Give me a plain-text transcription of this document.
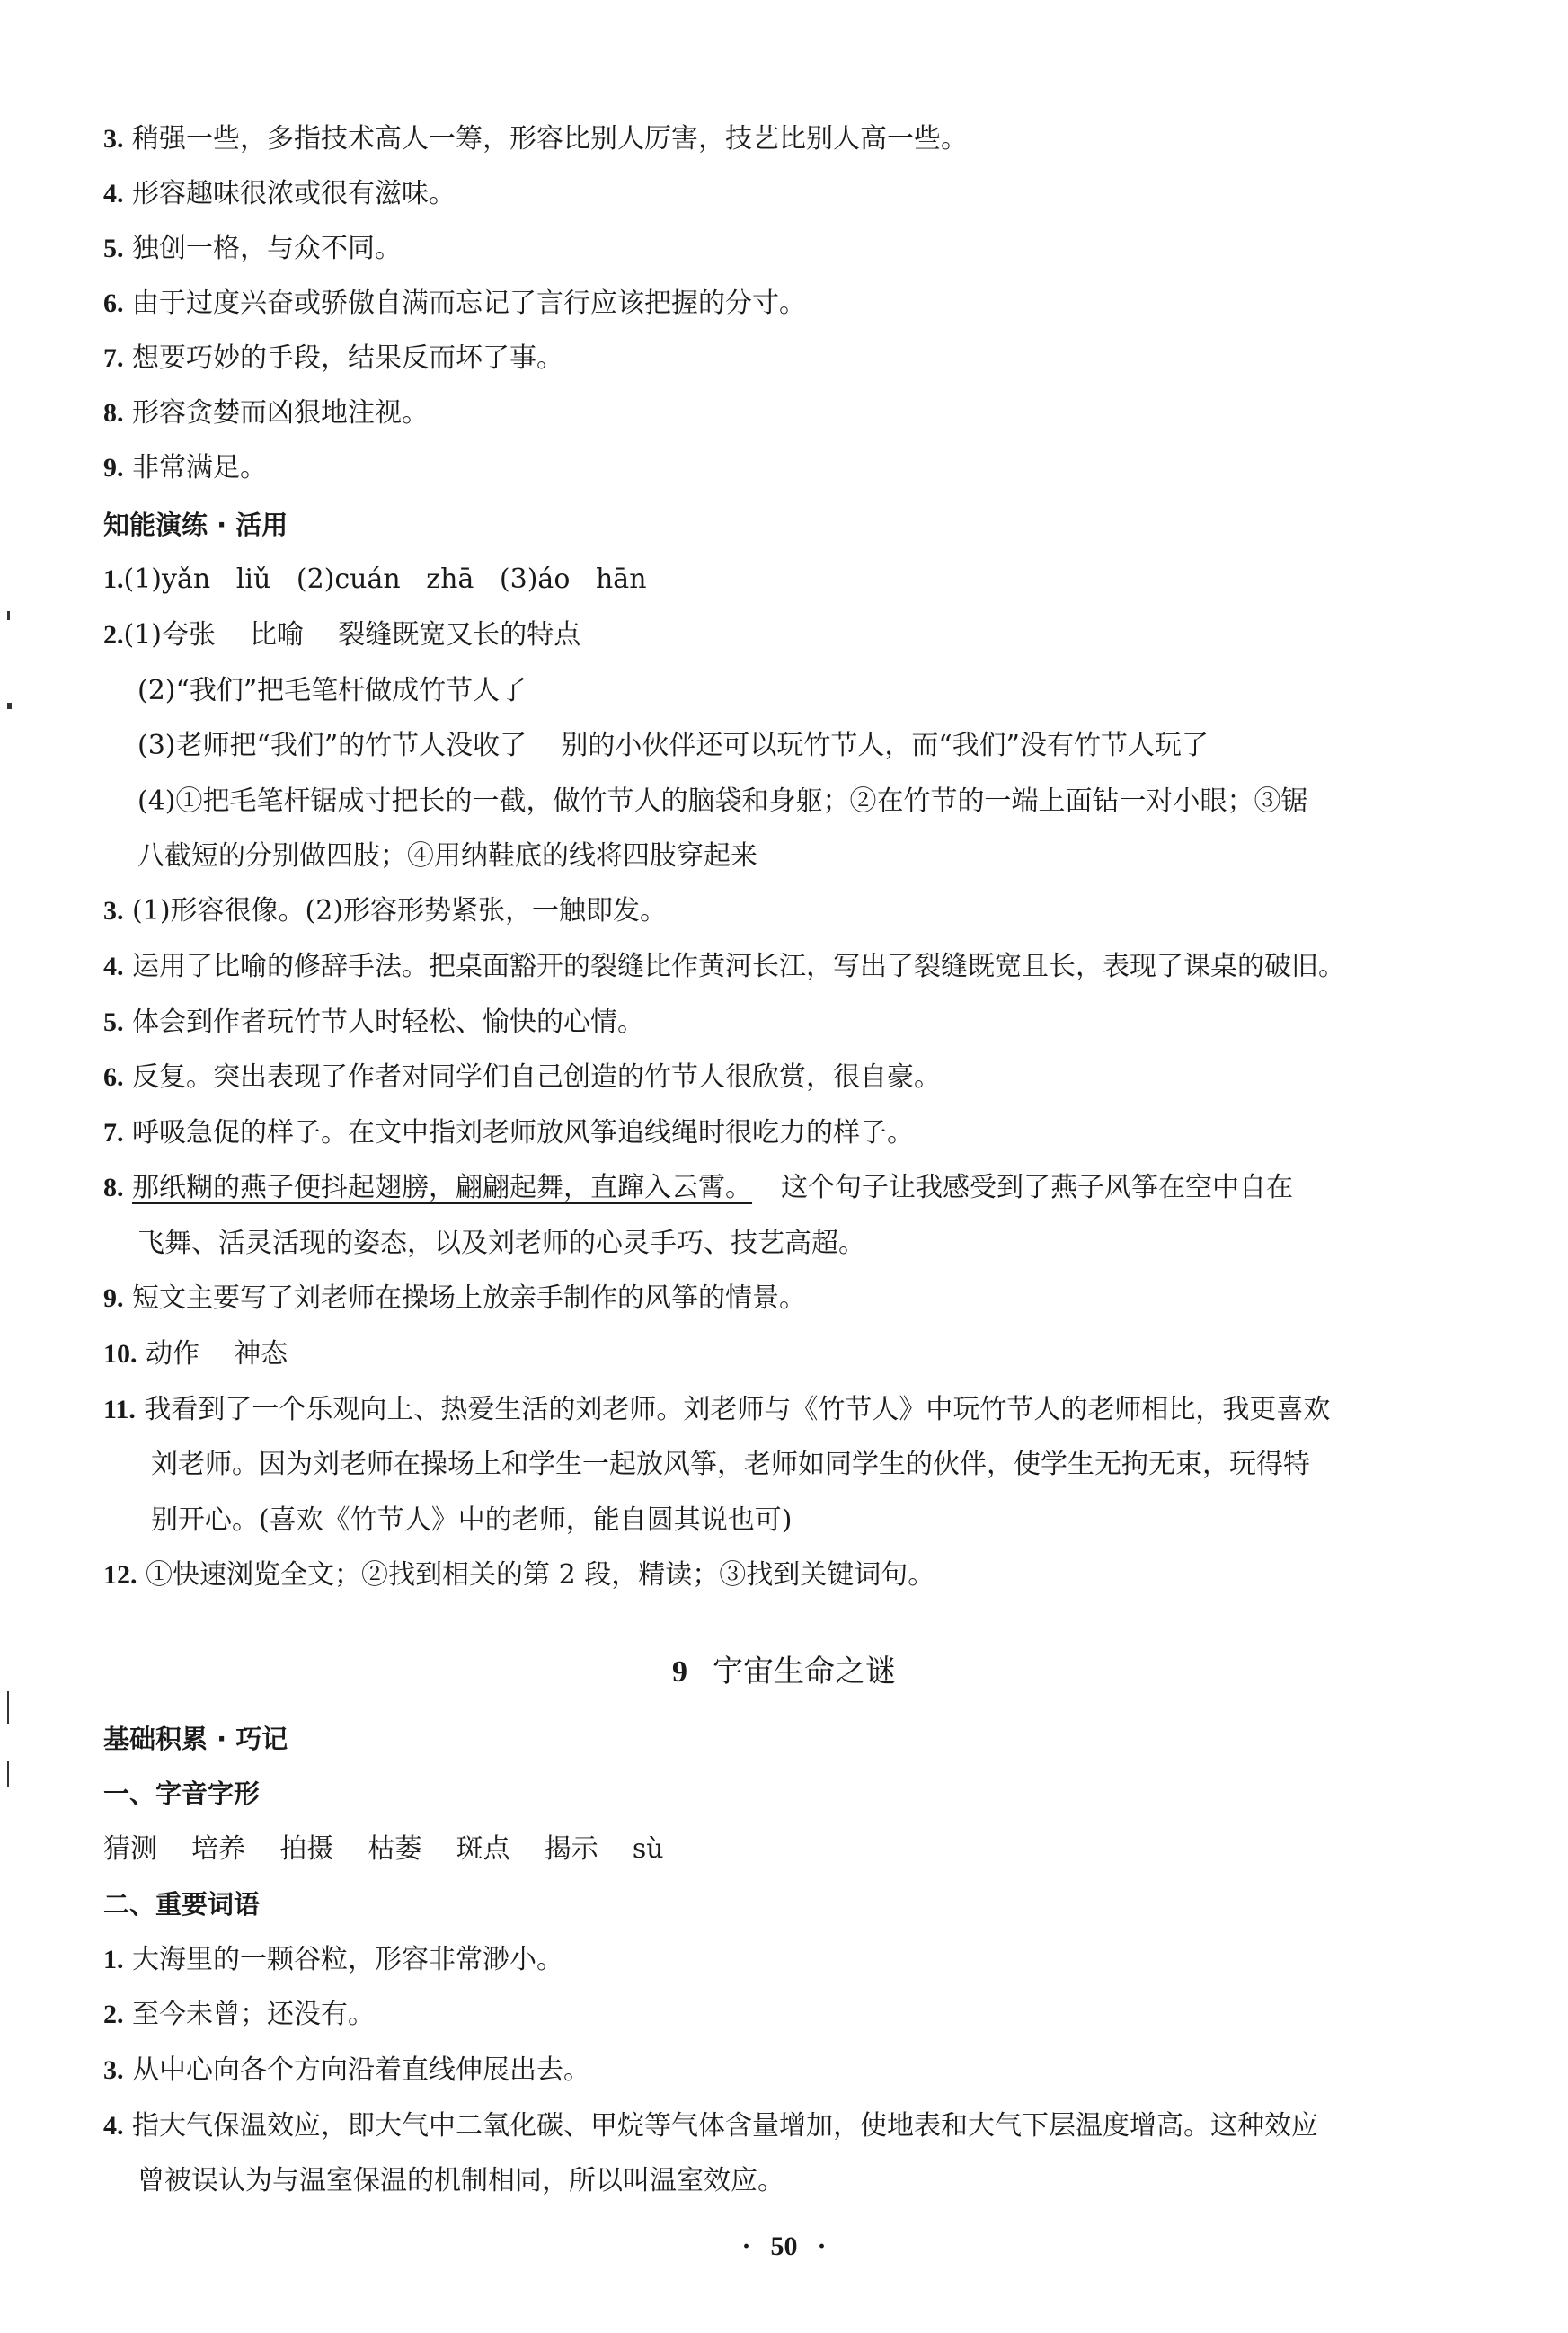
3. 稍强一些，多指技术高人一筹，形容比别人厉害，技艺比别人高一些。

4. 形容趣味很浓或很有滋味。

5. 独创一格，与众不同。

6. 由于过度兴奋或骄傲自满而忘记了言行应该把握的分寸。

7. 想要巧妙的手段，结果反而坏了事。

8. 形容贪婪而凶狠地注视。

9. 非常满足。

知能演练 · 活用

1.(1)yǎn   liǔ   (2)cuán   zhā   (3)áo   hān

2.(1)夸张    比喻    裂缝既宽又长的特点

(2)“我们”把毛笔杆做成竹节人了

(3)老师把“我们”的竹节人没收了    别的小伙伴还可以玩竹节人，而“我们”没有竹节人玩了

(4)①把毛笔杆锯成寸把长的一截，做竹节人的脑袋和身躯；②在竹节的一端上面钻一对小眼；③锯

八截短的分别做四肢；④用纳鞋底的线将四肢穿起来

3. (1)形容很像。(2)形容形势紧张，一触即发。

4. 运用了比喻的修辞手法。把桌面豁开的裂缝比作黄河长江，写出了裂缝既宽且长，表现了课桌的破旧。

5. 体会到作者玩竹节人时轻松、愉快的心情。

6. 反复。突出表现了作者对同学们自己创造的竹节人很欣赏，很自豪。

7. 呼吸急促的样子。在文中指刘老师放风筝追线绳时很吃力的样子。

8. 那纸糊的燕子便抖起翅膀，翩翩起舞，直蹿入云霄。 这个句子让我感受到了燕子风筝在空中自在

飞舞、活灵活现的姿态，以及刘老师的心灵手巧、技艺高超。

9. 短文主要写了刘老师在操场上放亲手制作的风筝的情景。

10. 动作    神态

11. 我看到了一个乐观向上、热爱生活的刘老师。刘老师与《竹节人》中玩竹节人的老师相比，我更喜欢

刘老师。因为刘老师在操场上和学生一起放风筝，老师如同学生的伙伴，使学生无拘无束，玩得特

别开心。(喜欢《竹节人》中的老师，能自圆其说也可)

12. ①快速浏览全文；②找到相关的第 2 段，精读；③找到关键词句。

9 宇宙生命之谜

基础积累 · 巧记

一、字音字形

猜测    培养    拍摄    枯萎    斑点    揭示    sù

二、重要词语

1. 大海里的一颗谷粒，形容非常渺小。

2. 至今未曾；还没有。

3. 从中心向各个方向沿着直线伸展出去。

4. 指大气保温效应，即大气中二氧化碳、甲烷等气体含量增加，使地表和大气下层温度增高。这种效应

曾被误认为与温室保温的机制相同，所以叫温室效应。

· 50 ·
